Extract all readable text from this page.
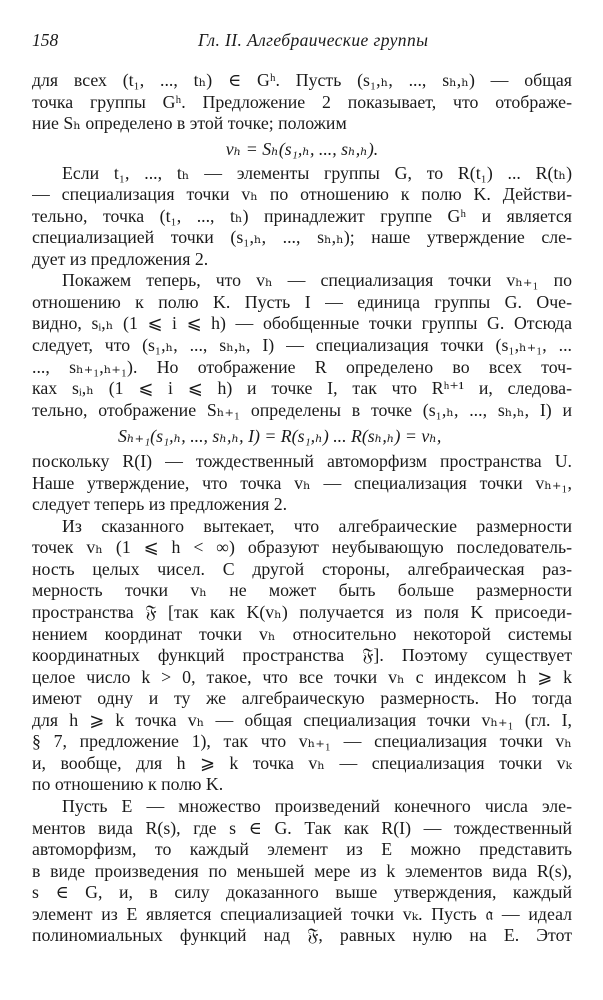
158	Гл. II. Алгебраические группы
для всех (t₁, ..., tₕ) ∈ Gʰ. Пусть (s₁,ₕ, ..., sₕ,ₕ) — общая
точка группы Gʰ. Предложение 2 показывает, что отображе-
ние Sₕ определено в этой точке; положим
vₕ = Sₕ(s₁,ₕ, ..., sₕ,ₕ).
Если t₁, ..., tₕ — элементы группы G, то R(t₁) ... R(tₕ)
— специализация точки vₕ по отношению к полю K. Действи-
тельно, точка (t₁, ..., tₕ) принадлежит группе Gʰ и является
специализацией точки (s₁,ₕ, ..., sₕ,ₕ); наше утверждение сле-
дует из предложения 2.
Покажем теперь, что vₕ — специализация точки vₕ₊₁ по
отношению к полю K. Пусть I — единица группы G. Оче-
видно, sᵢ,ₕ (1 ⩽ i ⩽ h) — обобщенные точки группы G. Отсюда
следует, что (s₁,ₕ, ..., sₕ,ₕ, I) — специализация точки (s₁,ₕ₊₁, ...
..., sₕ₊₁,ₕ₊₁). Но отображение R определено во всех точ-
ках sᵢ,ₕ (1 ⩽ i ⩽ h) и точке I, так что Rʰ⁺¹ и, следова-
тельно, отображение Sₕ₊₁ определены в точке (s₁,ₕ, ..., sₕ,ₕ, I) и
Sₕ₊₁(s₁,ₕ, ..., sₕ,ₕ, I) = R(s₁,ₕ) ... R(sₕ,ₕ) = vₕ,
поскольку R(I) — тождественный автоморфизм пространства U.
Наше утверждение, что точка vₕ — специализация точки vₕ₊₁,
следует теперь из предложения 2.
Из сказанного вытекает, что алгебраические размерности
точек vₕ (1 ⩽ h < ∞) образуют неубывающую последователь-
ность целых чисел. С другой стороны, алгебраическая раз-
мерность точки vₕ не может быть больше размерности
пространства 𝔉 [так как K(vₕ) получается из поля K присоеди-
нением координат точки vₕ относительно некоторой системы
координатных функций пространства 𝔉]. Поэтому существует
целое число k > 0, такое, что все точки vₕ с индексом h ⩾ k
имеют одну и ту же алгебраическую размерность. Но тогда
для h ⩾ k точка vₕ — общая специализация точки vₕ₊₁ (гл. I,
§ 7, предложение 1), так что vₕ₊₁ — специализация точки vₕ
и, вообще, для h ⩾ k точка vₕ — специализация точки vₖ
по отношению к полю K.
Пусть E — множество произведений конечного числа эле-
ментов вида R(s), где s ∈ G. Так как R(I) — тождественный
автоморфизм, то каждый элемент из E можно представить
в виде произведения по меньшей мере из k элементов вида R(s),
s ∈ G, и, в силу доказанного выше утверждения, каждый
элемент из E является специализацией точки vₖ. Пусть 𝔞 — идеал
полиномиальных функций над 𝔉, равных нулю на E. Этот
